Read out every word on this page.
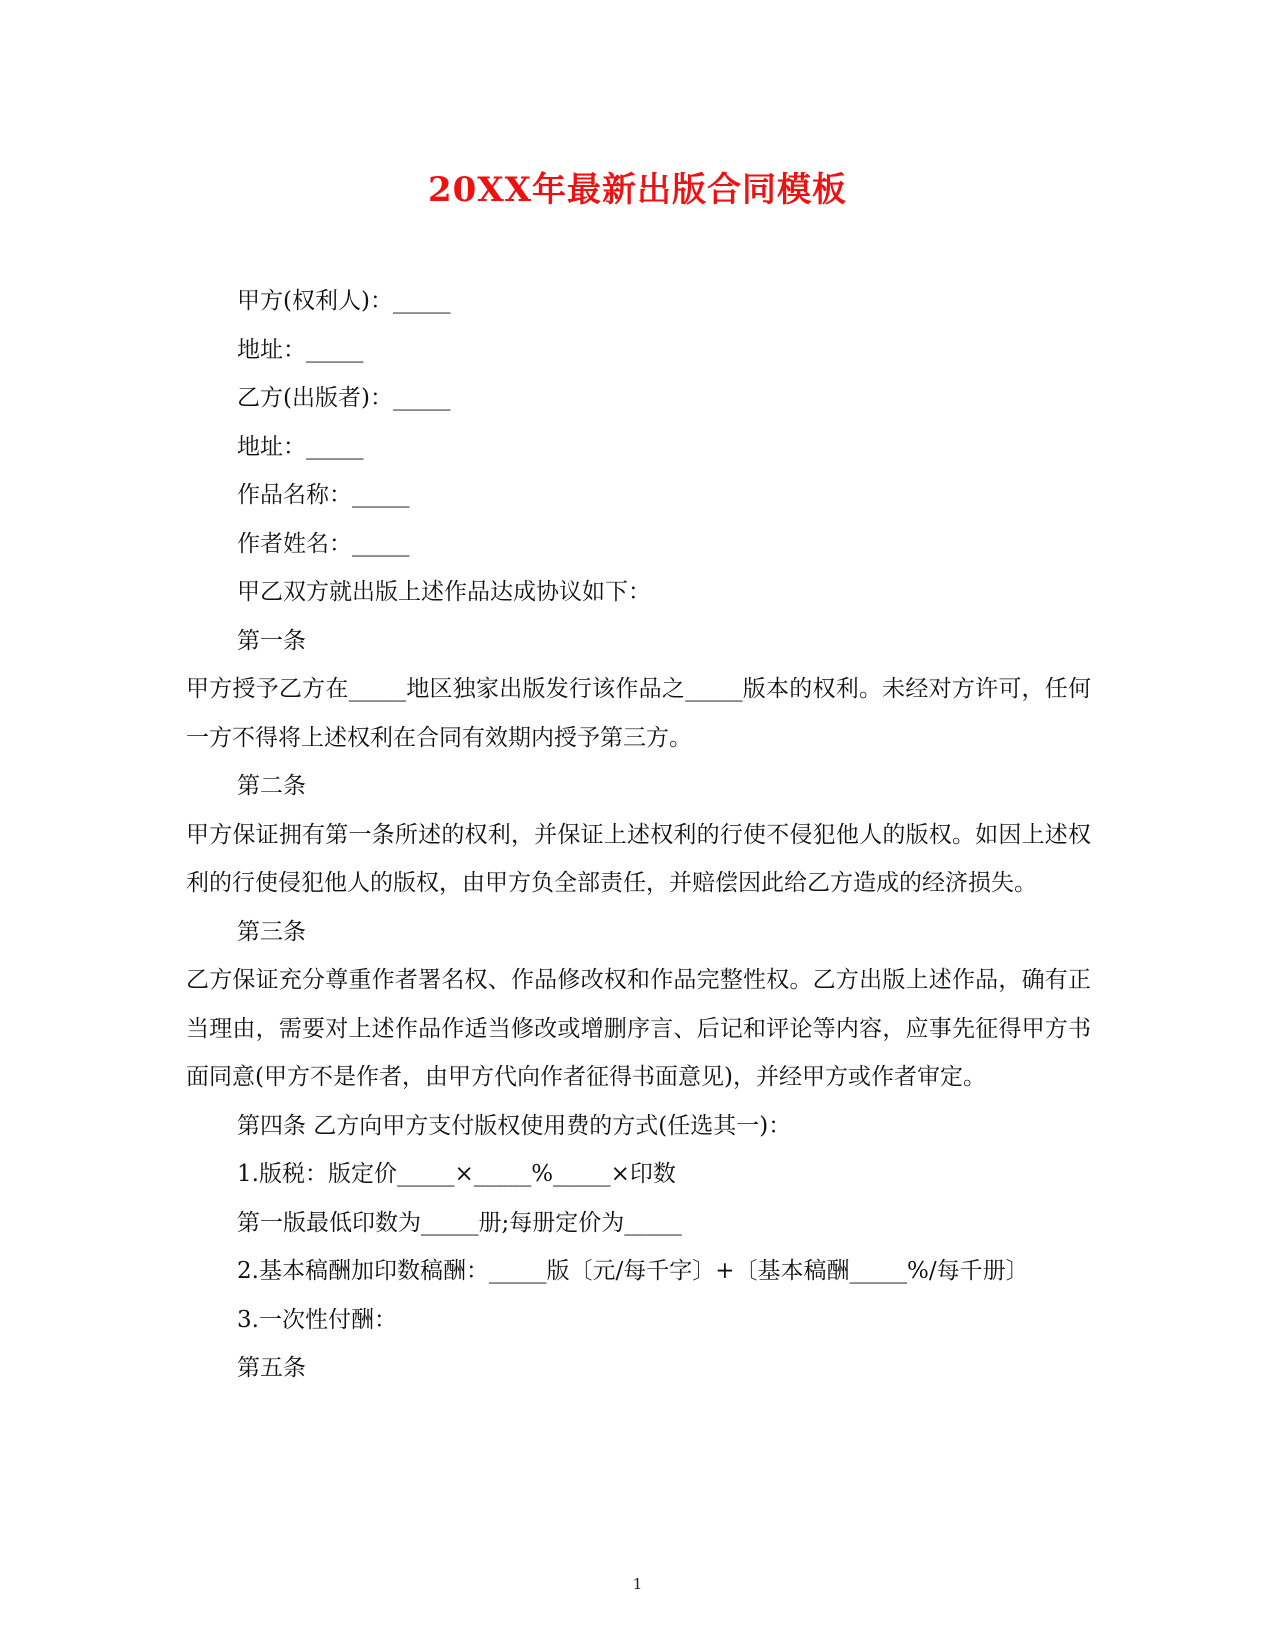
20XX年最新出版合同模板

甲方(权利人)：_____

地址：_____

乙方(出版者)：_____

地址：_____

作品名称：_____

作者姓名：_____

甲乙双方就出版上述作品达成协议如下：

第一条

甲方授予乙方在_____地区独家出版发行该作品之_____版本的权利。未经对方许可，任何一方不得将上述权利在合同有效期内授予第三方。

第二条

甲方保证拥有第一条所述的权利，并保证上述权利的行使不侵犯他人的版权。如因上述权利的行使侵犯他人的版权，由甲方负全部责任，并赔偿因此给乙方造成的经济损失。

第三条

乙方保证充分尊重作者署名权、作品修改权和作品完整性权。乙方出版上述作品，确有正当理由，需要对上述作品作适当修改或增删序言、后记和评论等内容，应事先征得甲方书面同意(甲方不是作者，由甲方代向作者征得书面意见)，并经甲方或作者审定。

第四条 乙方向甲方支付版权使用费的方式(任选其一)：

1.版税：版定价_____×_____%_____×印数

第一版最低印数为_____册;每册定价为_____

2.基本稿酬加印数稿酬：_____版〔元/每千字〕+〔基本稿酬_____%/每千册〕

3.一次性付酬：

第五条

1
